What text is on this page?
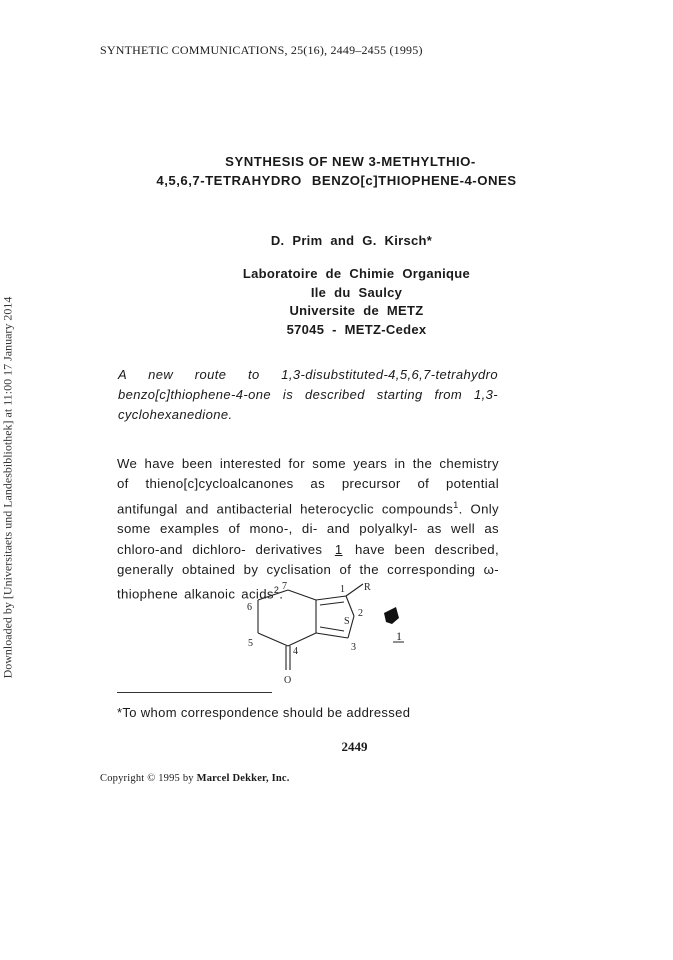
Downloaded by [Universitaets und Landesbibliothek] at 11:00 17 January 2014
SYNTHETIC COMMUNICATIONS, 25(16), 2449–2455 (1995)
SYNTHESIS OF NEW 3-METHYLTHIO-
4,5,6,7-TETRAHYDRO BENZO[c]THIOPHENE-4-ONES
D. Prim and G. Kirsch*
Laboratoire de Chimie Organique
Ile du Saulcy
Universite de METZ
57045 - METZ-Cedex
A new route to 1,3-disubstituted-4,5,6,7-tetrahydro benzo[c]thiophene-4-one is described starting from 1,3-cyclohexanedione.
We have been interested for some years in the chemistry of thieno[c]cycloalcanones as precursor of potential antifungal and antibacterial heterocyclic compounds$^1$. Only some examples of mono-, di- and polyalkyl- as well as chloro-and dichloro- derivatives 1 have been described, generally obtained by cyclisation of the corresponding ω-thiophene alkanoic acids$^2$.
7	1 R
6
2
S
5
4	3
O
1
*To whom correspondence should be addressed
2449
Copyright © 1995 by Marcel Dekker, Inc.
